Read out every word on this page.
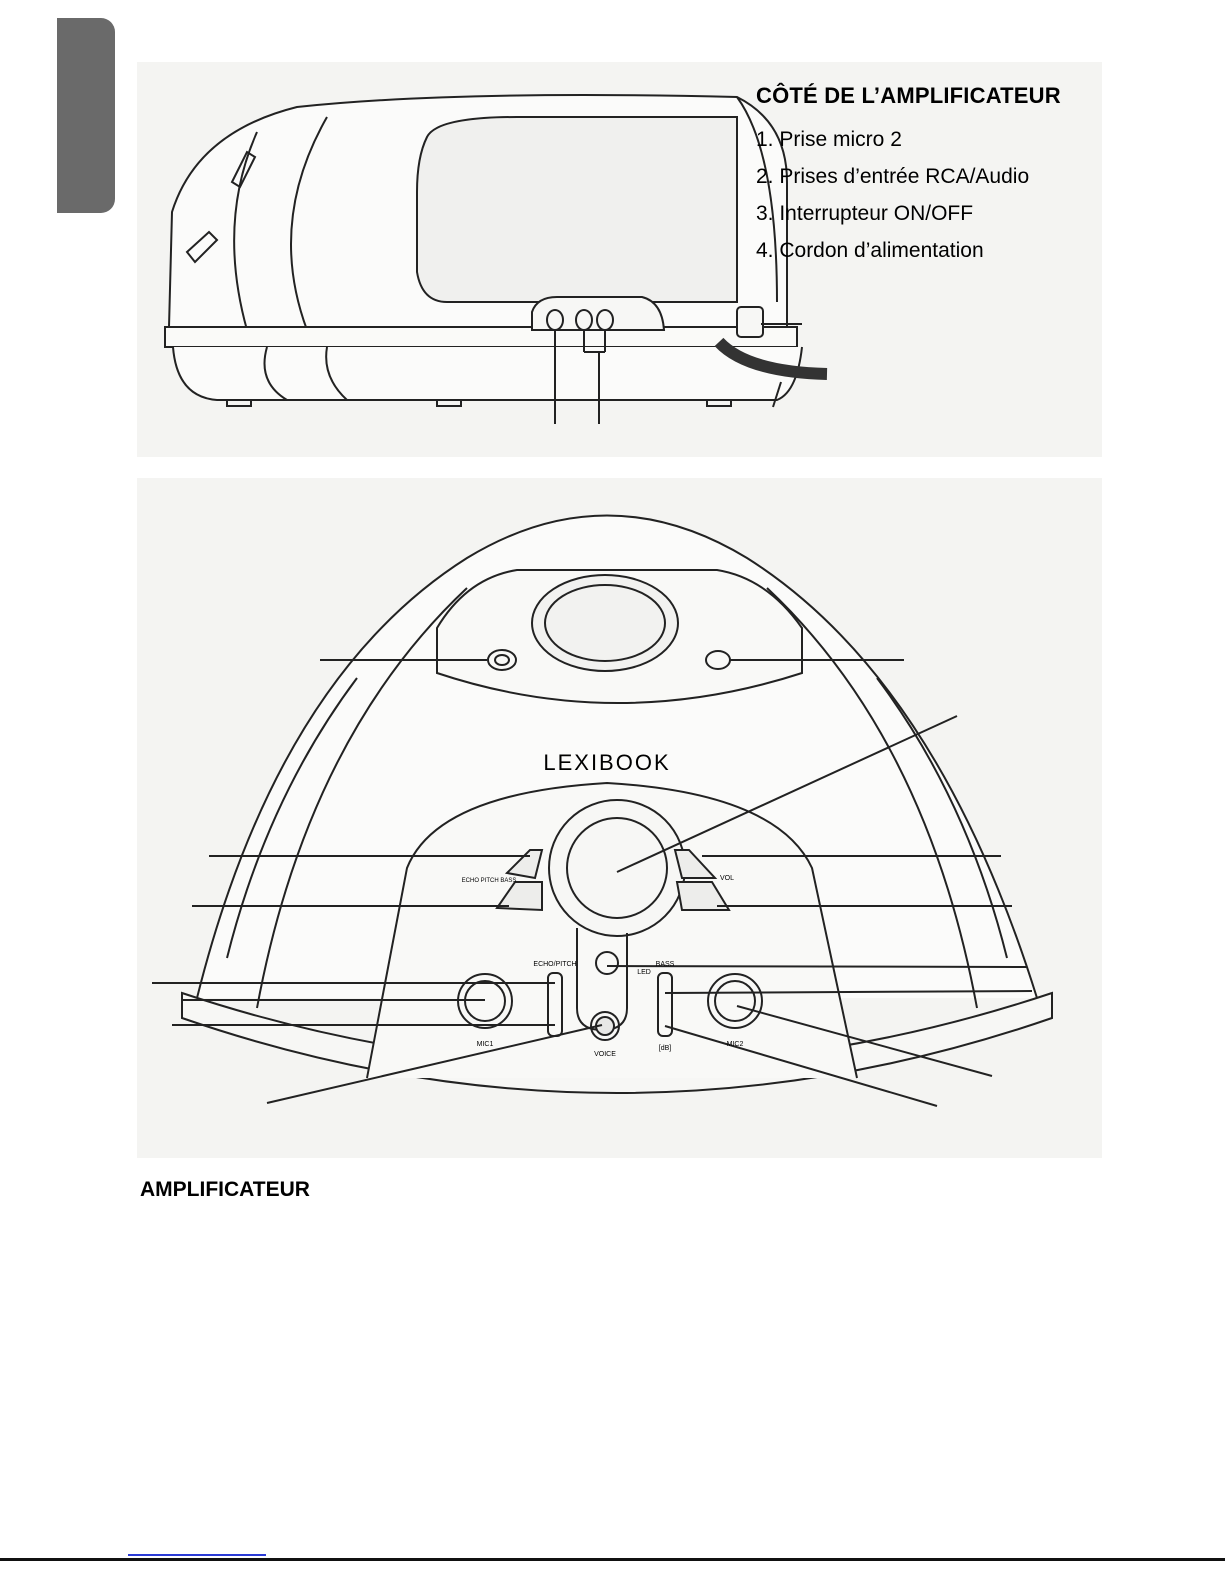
CÔTÉ DE L’AMPLIFICATEUR
1. Prise micro 2
2. Prises d’entrée RCA/Audio
3. Interrupteur ON/OFF
4. Cordon d’alimentation
LEXIBOOK
ECHO/PITCH	BASS
LED
VOL
ECHO PITCH BASS
MIC1	MIC2
VOICE
[dB]

AMPLIFICATEUR
